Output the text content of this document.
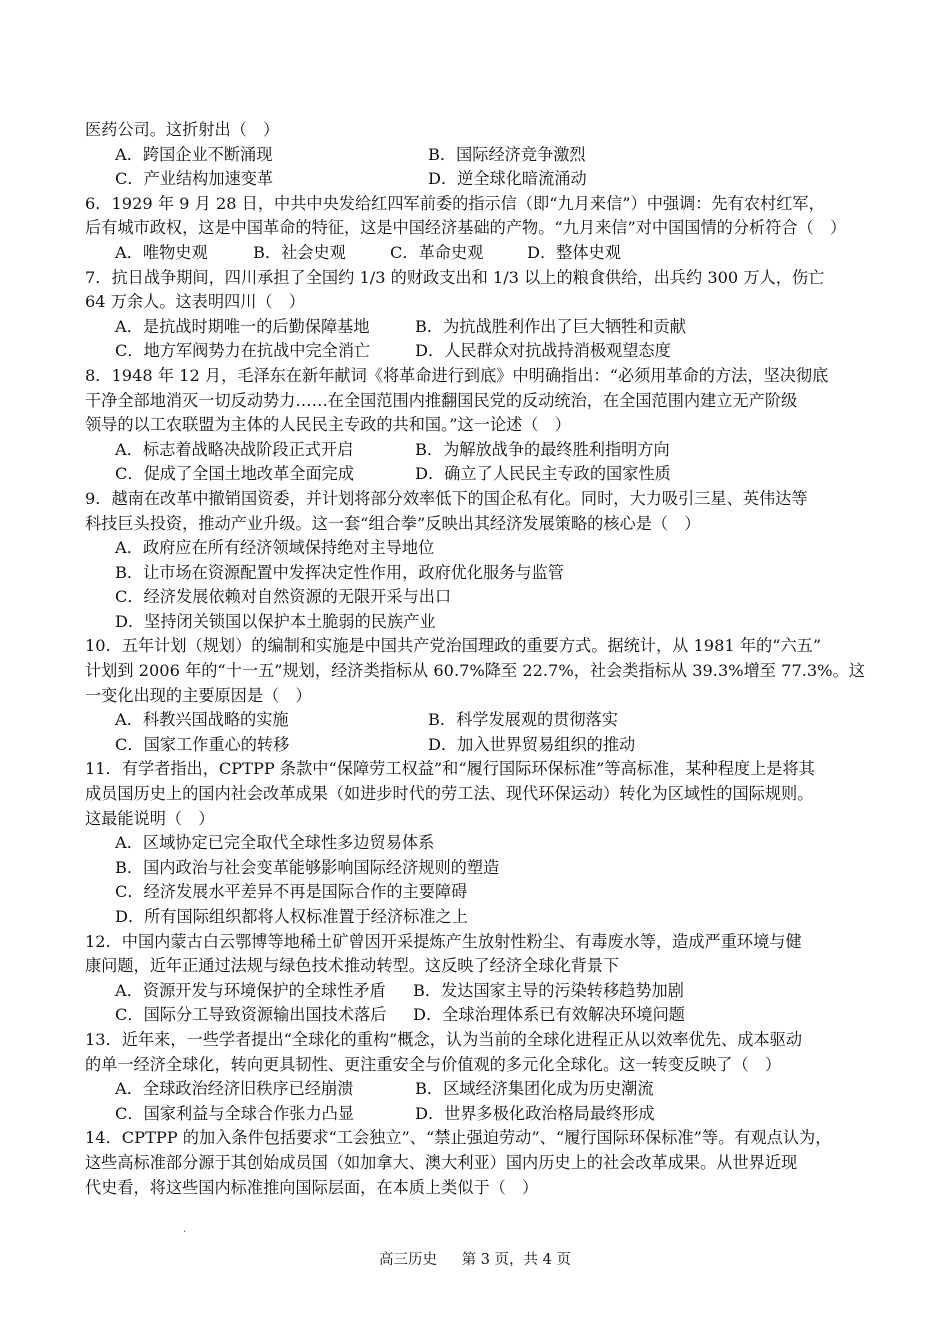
医药公司。这折射出（　）
A．跨国企业不断涌现	B．国际经济竞争激烈
C．产业结构加速变革	D．逆全球化暗流涌动
6．1929 年 9 月 28 日，中共中央发给红四军前委的指示信（即“九月来信”）中强调：先有农村红军，
后有城市政权，这是中国革命的特征，这是中国经济基础的产物。“九月来信”对中国国情的分析符合（　）
A．唯物史观	B．社会史观	C．革命史观	D．整体史观
7．抗日战争期间，四川承担了全国约 1/3 的财政支出和 1/3 以上的粮食供给，出兵约 300 万人，伤亡
64 万余人。这表明四川（　）
A．是抗战时期唯一的后勤保障基地	B．为抗战胜利作出了巨大牺牲和贡献
C．地方军阀势力在抗战中完全消亡	D．人民群众对抗战持消极观望态度
8．1948 年 12 月，毛泽东在新年献词《将革命进行到底》中明确指出：“必须用革命的方法，坚决彻底
干净全部地消灭一切反动势力……在全国范围内推翻国民党的反动统治，在全国范围内建立无产阶级
领导的以工农联盟为主体的人民民主专政的共和国。”这一论述（　）
A．标志着战略决战阶段正式开启	B．为解放战争的最终胜利指明方向
C．促成了全国土地改革全面完成	D．确立了人民民主专政的国家性质
9．越南在改革中撤销国资委，并计划将部分效率低下的国企私有化。同时，大力吸引三星、英伟达等
科技巨头投资，推动产业升级。这一套“组合拳”反映出其经济发展策略的核心是（　）
A．政府应在所有经济领域保持绝对主导地位
B．让市场在资源配置中发挥决定性作用，政府优化服务与监管
C．经济发展依赖对自然资源的无限开采与出口
D．坚持闭关锁国以保护本土脆弱的民族产业
10．五年计划（规划）的编制和实施是中国共产党治国理政的重要方式。据统计，从 1981 年的“六五”
计划到 2006 年的“十一五”规划，经济类指标从 60.7%降至 22.7%，社会类指标从 39.3%增至 77.3%。这
一变化出现的主要原因是（　）
A．科教兴国战略的实施	B．科学发展观的贯彻落实
C．国家工作重心的转移	D．加入世界贸易组织的推动
11．有学者指出，CPTPP 条款中“保障劳工权益”和“履行国际环保标准”等高标准，某种程度上是将其
成员国历史上的国内社会改革成果（如进步时代的劳工法、现代环保运动）转化为区域性的国际规则。
这最能说明（　）
A．区域协定已完全取代全球性多边贸易体系
B．国内政治与社会变革能够影响国际经济规则的塑造
C．经济发展水平差异不再是国际合作的主要障碍
D．所有国际组织都将人权标准置于经济标准之上
12．中国内蒙古白云鄂博等地稀土矿曾因开采提炼产生放射性粉尘、有毒废水等，造成严重环境与健
康问题，近年正通过法规与绿色技术推动转型。这反映了经济全球化背景下
A．资源开发与环境保护的全球性矛盾	B．发达国家主导的污染转移趋势加剧
C．国际分工导致资源输出国技术落后	D．全球治理体系已有效解决环境问题
13．近年来，一些学者提出“全球化的重构”概念，认为当前的全球化进程正从以效率优先、成本驱动
的单一经济全球化，转向更具韧性、更注重安全与价值观的多元化全球化。这一转变反映了（　）
A．全球政治经济旧秩序已经崩溃	B．区域经济集团化成为历史潮流
C．国家利益与全球合作张力凸显	D．世界多极化政治格局最终形成
14．CPTPP 的加入条件包括要求“工会独立”、“禁止强迫劳动”、“履行国际环保标准”等。有观点认为，
这些高标准部分源于其创始成员国（如加拿大、澳大利亚）国内历史上的社会改革成果。从世界近现
代史看，将这些国内标准推向国际层面，在本质上类似于（　）
·
高三历史 第 3 页，共 4 页
